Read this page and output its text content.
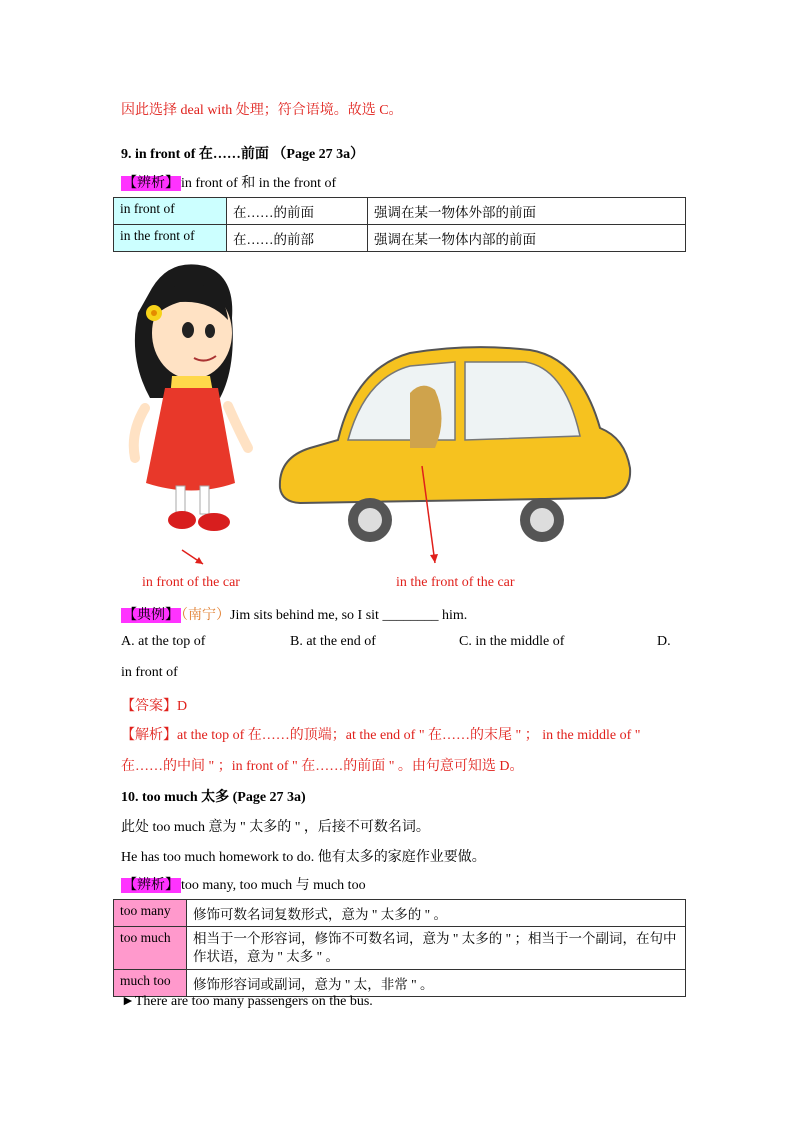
因此选择 deal with 处理；符合语境。故选 C。
9. in front of 在……前面 （Page 27 3a）
【辨析】 in front of 和 in the front of
in front of	在……的前面	强调在某一物体外部的前面
in the front of	在……的前部	强调在某一物体内部的前面
in front of the car	in the front of the car
【典例】 （南宁）Jim sits behind me, so I sit ________ him.
A. at the top of	B. at the end of	C. in the middle of	D.
in front of
【答案】D
【解析】at the top of 在……的顶端；at the end of " 在……的末尾 " ； in the middle of "
在……的中间 " ；in front of " 在……的前面 " 。由句意可知选 D。
10. too much 太多 (Page 27 3a)
此处 too much 意为 " 太多的 " ，后接不可数名词。
He has too much homework to do. 他有太多的家庭作业要做。
【辨析】 too many, too much 与 much too
too many	修饰可数名词复数形式，意为 " 太多的 " 。
too much	相当于一个形容词，修饰不可数名词，意为 " 太多的 " ；相当于一个副词，在句中作状语，意为 " 太多 " 。
much too	修饰形容词或副词，意为 " 太，非常 " 。
►There are too many passengers on the bus.
